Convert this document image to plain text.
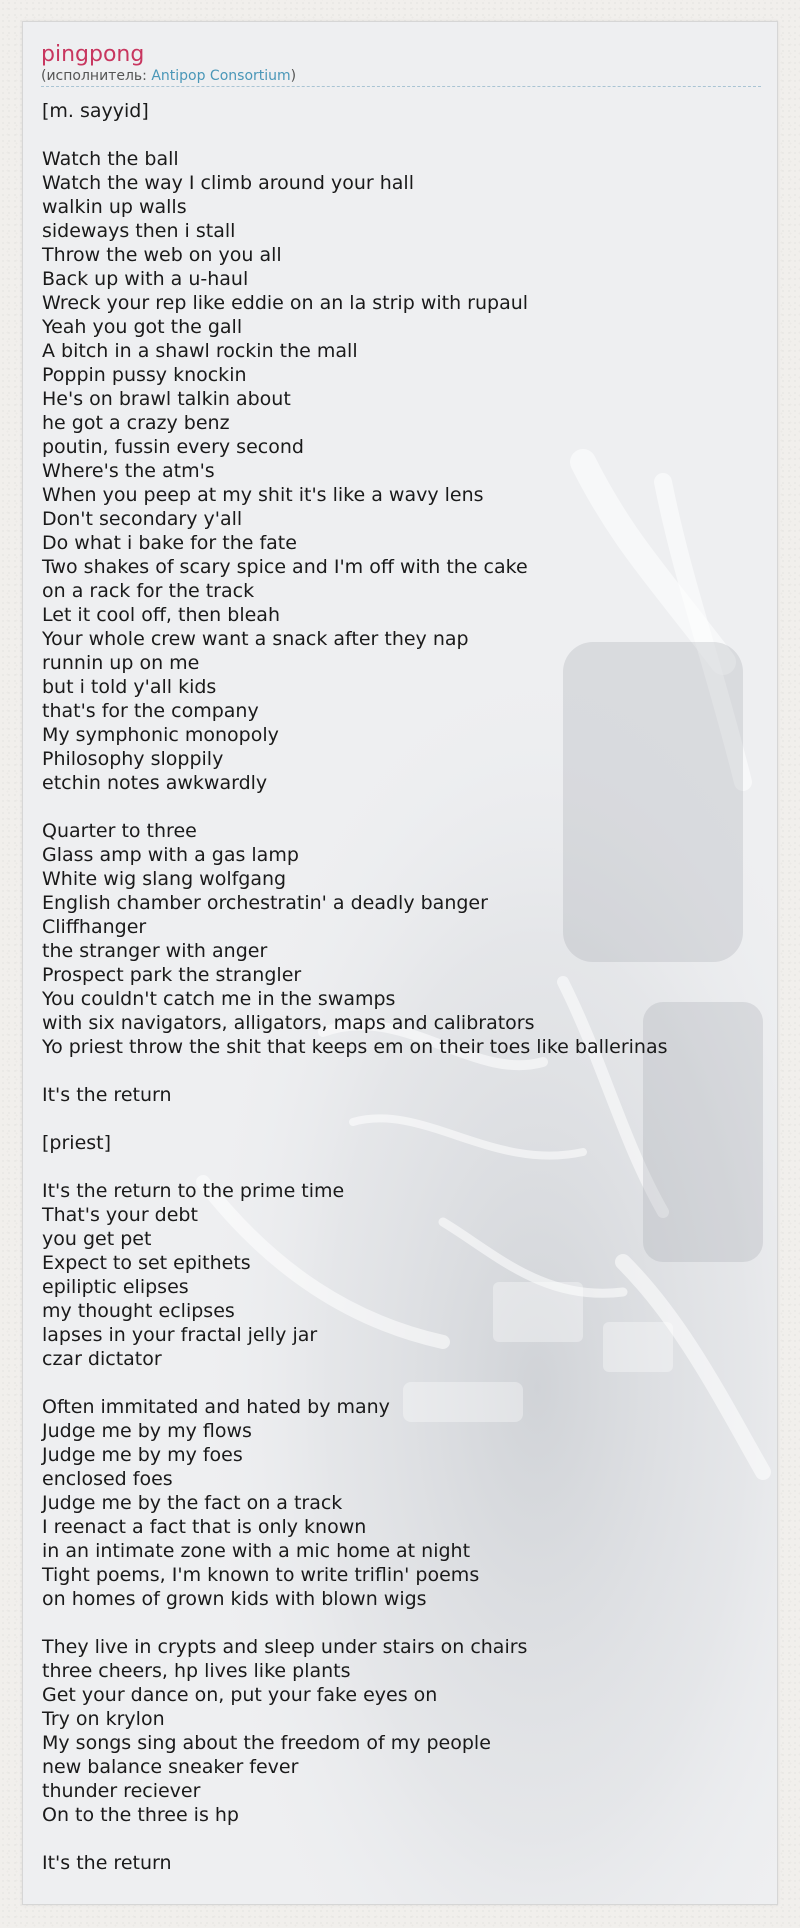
pingpong
(исполнитель: Antipop Consortium)
[m. sayyid]
Watch the ball
Watch the way I climb around your hall
walkin up walls
sideways then i stall
Throw the web on you all
Back up with a u-haul
Wreck your rep like eddie on an la strip with rupaul
Yeah you got the gall
A bitch in a shawl rockin the mall
Poppin pussy knockin
He's on brawl talkin about
he got a crazy benz
poutin, fussin every second
Where's the atm's
When you peep at my shit it's like a wavy lens
Don't secondary y'all
Do what i bake for the fate
Two shakes of scary spice and I'm off with the cake
on a rack for the track
Let it cool off, then bleah
Your whole crew want a snack after they nap
runnin up on me
but i told y'all kids
that's for the company
My symphonic monopoly
Philosophy sloppily
etchin notes awkwardly
Quarter to three
Glass amp with a gas lamp
White wig slang wolfgang
English chamber orchestratin' a deadly banger
Cliffhanger
the stranger with anger
Prospect park the strangler
You couldn't catch me in the swamps
with six navigators, alligators, maps and calibrators
Yo priest throw the shit that keeps em on their toes like ballerinas
It's the return
[priest]
It's the return to the prime time
That's your debt
you get pet
Expect to set epithets
epiliptic elipses
my thought eclipses
lapses in your fractal jelly jar
czar dictator
Often immitated and hated by many
Judge me by my flows
Judge me by my foes
enclosed foes
Judge me by the fact on a track
I reenact a fact that is only known
in an intimate zone with a mic home at night
Tight poems, I'm known to write triflin' poems
on homes of grown kids with blown wigs
They live in crypts and sleep under stairs on chairs
three cheers, hp lives like plants
Get your dance on, put your fake eyes on
Try on krylon
My songs sing about the freedom of my people
new balance sneaker fever
thunder reciever
On to the three is hp
It's the return
